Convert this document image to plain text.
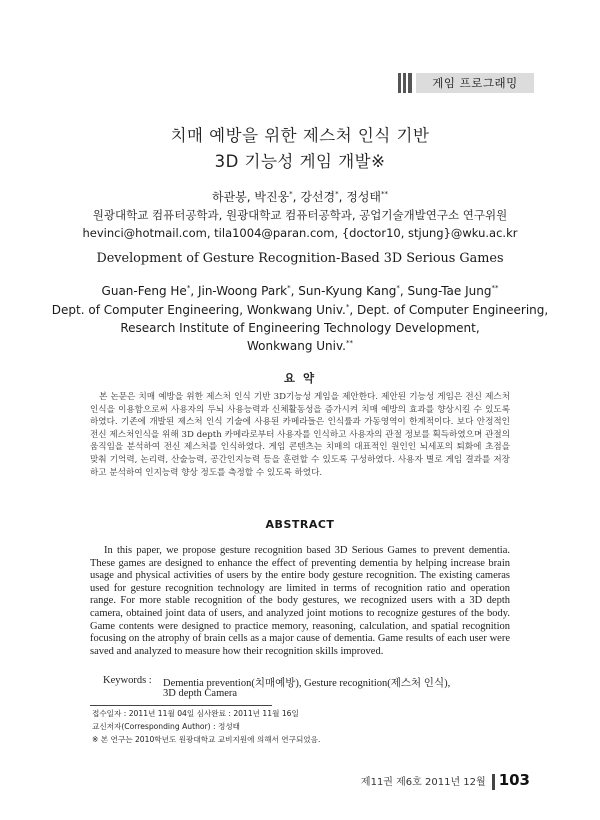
게임 프로그래밍
치매 예방을 위한 제스처 인식 기반
3D 기능성 게임 개발※
하관봉, 박진웅*, 강선경*, 정성태**
원광대학교 컴퓨터공학과, 원광대학교 컴퓨터공학과, 공업기술개발연구소 연구위원
hevinci@hotmail.com, tila1004@paran.com, {doctor10, stjung}@wku.ac.kr
Development of Gesture Recognition-Based 3D Serious Games
Guan-Feng He*, Jin-Woong Park*, Sun-Kyung Kang*, Sung-Tae Jung**
Dept. of Computer Engineering, Wonkwang Univ.*, Dept. of Computer Engineering,
Research Institute of Engineering Technology Development,
Wonkwang Univ.**
요 약
본 논문은 치매 예방을 위한 제스처 인식 기반 3D기능성 게임을 제안한다. 제안된 기능성 게임은 전신 제스처 인식을 이용함으로써 사용자의 두뇌 사용능력과 신체활동성을 증가시켜 치매 예방의 효과를 향상시킬 수 있도록 하였다. 기존에 개발된 제스처 인식 기술에 사용된 카메라들은 인식률과 가동영역이 한계적이다. 보다 안정적인 전신 제스처인식을 위해 3D depth 카메라로부터 사용자를 인식하고 사용자의 관절 정보를 획득하였으며 관절의 움직임을 분석하여 전신 제스처를 인식하였다. 게임 콘텐츠는 치매의 대표적인 원인인 뇌세포의 퇴화에 초점을 맞춰 기억력, 논리력, 산술능력, 공간인지능력 등을 훈련할 수 있도록 구성하였다. 사용자 별로 게임 결과를 저장하고 분석하여 인지능력 향상 정도를 측정할 수 있도록 하였다.
ABSTRACT
In this paper, we propose gesture recognition based 3D Serious Games to prevent dementia. These games are designed to enhance the effect of preventing dementia by helping increase brain usage and physical activities of users by the entire body gesture recognition. The existing cameras used for gesture recognition technology are limited in terms of recognition ratio and operation range. For more stable recognition of the body gestures, we recognized users with a 3D depth camera, obtained joint data of users, and analyzed joint motions to recognize gestures of the body. Game contents were designed to practice memory, reasoning, calculation, and spatial recognition focusing on the atrophy of brain cells as a major cause of dementia. Game results of each user were saved and analyzed to measure how their recognition skills improved.
Keywords : Dementia prevention(치매예방), Gesture recognition(제스처 인식),
3D depth Camera
접수일자 : 2011년 11월 04일 심사완료 : 2011년 11월 16일
교신저자(Corresponding Author) : 정성태
※ 본 연구는 2010학년도 원광대학교 교비지원에 의해서 연구되었음.
제11권 제6호 2011년 12월 103
